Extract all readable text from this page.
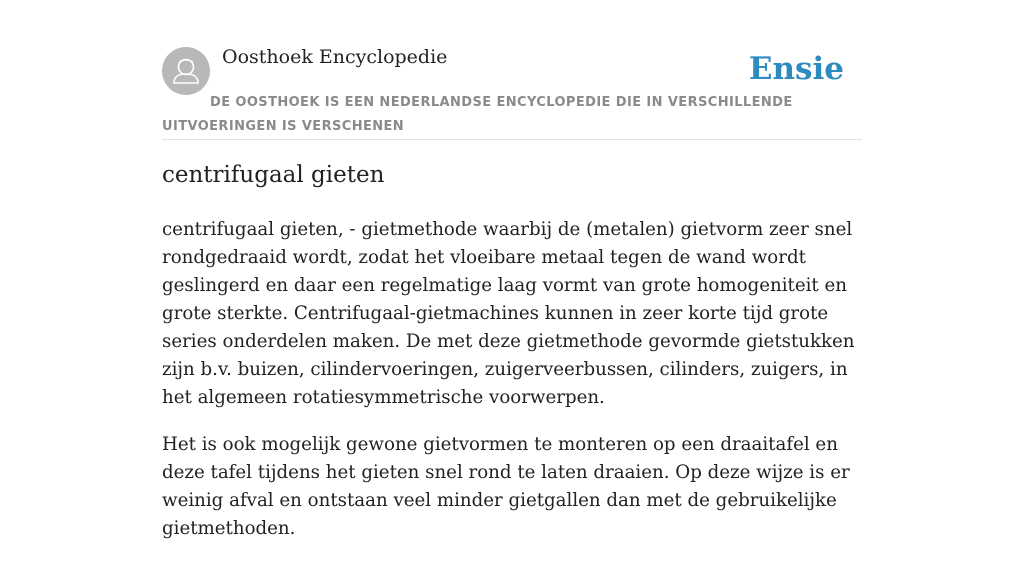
Oosthoek Encyclopedie	Ensie
DE OOSTHOEK IS EEN NEDERLANDSE ENCYCLOPEDIE DIE IN VERSCHILLENDE UITVOERINGEN IS VERSCHENEN
centrifugaal gieten

centrifugaal gieten, - gietmethode waarbij de (metalen) gietvorm zeer snel rondgedraaid wordt, zodat het vloeibare metaal tegen de wand wordt geslingerd en daar een regelmatige laag vormt van grote homogeniteit en grote sterkte. Centrifugaal-gietmachines kunnen in zeer korte tijd grote series onderdelen maken. De met deze gietmethode gevormde gietstukken zijn b.v. buizen, cilindervoeringen, zuigerveerbussen, cilinders, zuigers, in het algemeen rotatiesymmetrische voorwerpen.

Het is ook mogelijk gewone gietvormen te monteren op een draaitafel en deze tafel tijdens het gieten snel rond te laten draaien. Op deze wijze is er weinig afval en ontstaan veel minder gietgallen dan met de gebruikelijke gietmethoden.
